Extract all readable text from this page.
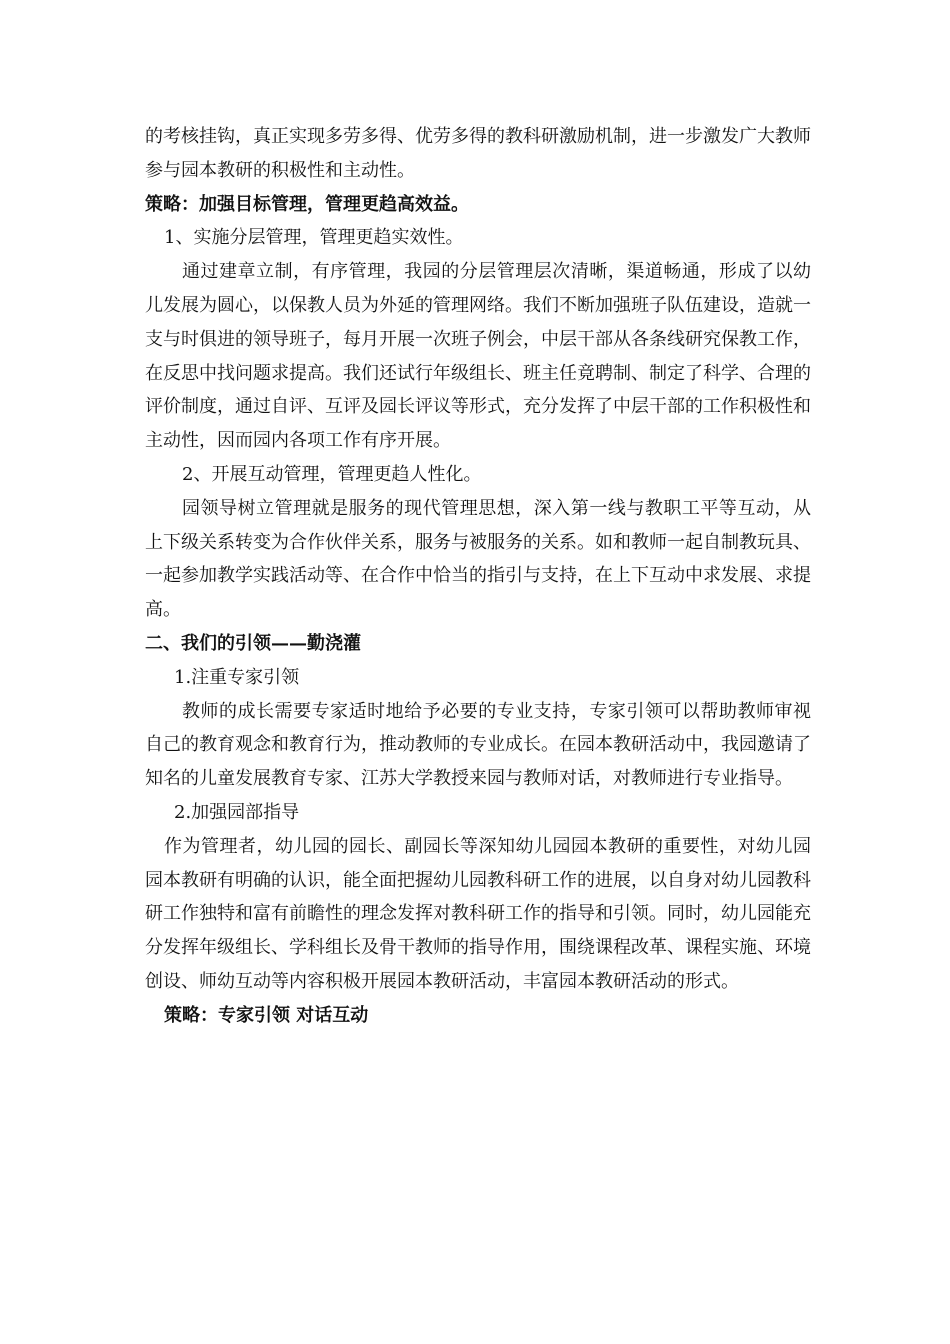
的考核挂钩，真正实现多劳多得、优劳多得的教科研激励机制，进一步激发广大教师参与园本教研的积极性和主动性。

策略：加强目标管理，管理更趋高效益。

1、实施分层管理，管理更趋实效性。

通过建章立制，有序管理，我园的分层管理层次清晰，渠道畅通，形成了以幼儿发展为圆心，以保教人员为外延的管理网络。我们不断加强班子队伍建设，造就一支与时俱进的领导班子，每月开展一次班子例会，中层干部从各条线研究保教工作，在反思中找问题求提高。我们还试行年级组长、班主任竟聘制、制定了科学、合理的评价制度，通过自评、互评及园长评议等形式，充分发挥了中层干部的工作积极性和主动性，因而园内各项工作有序开展。

2、开展互动管理，管理更趋人性化。

园领导树立管理就是服务的现代管理思想，深入第一线与教职工平等互动，从上下级关系转变为合作伙伴关系，服务与被服务的关系。如和教师一起自制教玩具、一起参加教学实践活动等、在合作中恰当的指引与支持，在上下互动中求发展、求提高。

二、我们的引领——勤浇灌

1.注重专家引领

教师的成长需要专家适时地给予必要的专业支持，专家引领可以帮助教师审视自己的教育观念和教育行为，推动教师的专业成长。在园本教研活动中，我园邀请了知名的儿童发展教育专家、江苏大学教授来园与教师对话，对教师进行专业指导。

2.加强园部指导

作为管理者，幼儿园的园长、副园长等深知幼儿园园本教研的重要性，对幼儿园园本教研有明确的认识，能全面把握幼儿园教科研工作的进展，以自身对幼儿园教科研工作独特和富有前瞻性的理念发挥对教科研工作的指导和引领。同时，幼儿园能充分发挥年级组长、学科组长及骨干教师的指导作用，围绕课程改革、课程实施、环境创设、师幼互动等内容积极开展园本教研活动，丰富园本教研活动的形式。

策略：专家引领 对话互动
